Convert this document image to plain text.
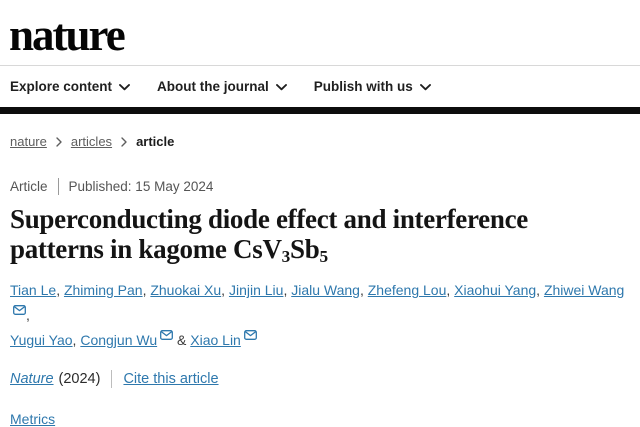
nature
Explore content	About the journal	Publish with us
nature articles article
Article Published: 15 May 2024
Superconducting diode effect and interference
patterns in kagome $CsV_3Sb_5$

Tian Le, Zhiming Pan, Zhuokai Xu, Jinjin Liu, Jialu Wang, Zhefeng Lou, Xiaohui Yang, Zhiwei Wang,
Yugui Yao, Congjun Wu & Xiao Lin

Nature (2024) Cite this article
Metrics
